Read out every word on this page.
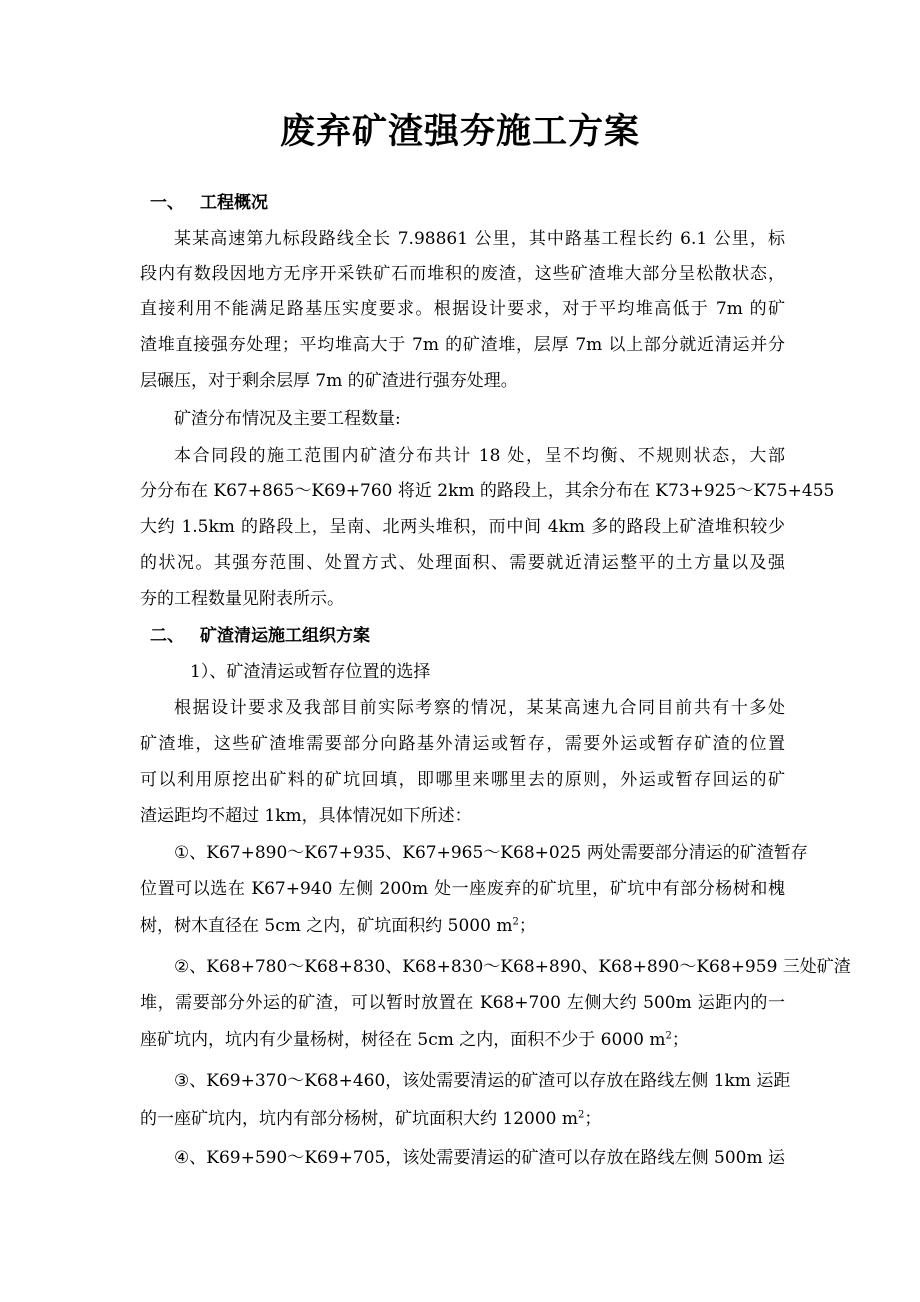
废弃矿渣强夯施工方案
一、 工程概况
某某高速第九标段路线全长 7.98861 公里，其中路基工程长约 6.1 公里，标
段内有数段因地方无序开采铁矿石而堆积的废渣，这些矿渣堆大部分呈松散状态，
直接利用不能满足路基压实度要求。根据设计要求，对于平均堆高低于 7m 的矿
渣堆直接强夯处理；平均堆高大于 7m 的矿渣堆，层厚 7m 以上部分就近清运并分
层碾压，对于剩余层厚 7m 的矿渣进行强夯处理。
矿渣分布情况及主要工程数量:
本合同段的施工范围内矿渣分布共计 18 处，呈不均衡、不规则状态，大部
分分布在 K67+865～K69+760 将近 2km 的路段上，其余分布在 K73+925～K75+455
大约 1.5km 的路段上，呈南、北两头堆积，而中间 4km 多的路段上矿渣堆积较少
的状况。其强夯范围、处置方式、处理面积、需要就近清运整平的土方量以及强
夯的工程数量见附表所示。
二、 矿渣清运施工组织方案
1）、矿渣清运或暂存位置的选择
根据设计要求及我部目前实际考察的情况，某某高速九合同目前共有十多处
矿渣堆，这些矿渣堆需要部分向路基外清运或暂存，需要外运或暂存矿渣的位置
可以利用原挖出矿料的矿坑回填，即哪里来哪里去的原则，外运或暂存回运的矿
渣运距均不超过 1km，具体情况如下所述：
①、K67+890～K67+935、K67+965～K68+025 两处需要部分清运的矿渣暂存
位置可以选在 K67+940 左侧 200m 处一座废弃的矿坑里，矿坑中有部分杨树和槐
树，树木直径在 5cm 之内，矿坑面积约 5000 $m^2$；
②、K68+780～K68+830、K68+830～K68+890、K68+890～K68+959 三处矿渣
堆，需要部分外运的矿渣，可以暂时放置在 K68+700 左侧大约 500m 运距内的一
座矿坑内，坑内有少量杨树，树径在 5cm 之内，面积不少于 6000 $m^2$；
③、K69+370～K68+460，该处需要清运的矿渣可以存放在路线左侧 1km 运距
的一座矿坑内，坑内有部分杨树，矿坑面积大约 12000 $m^2$；
④、K69+590～K69+705，该处需要清运的矿渣可以存放在路线左侧 500m 运
